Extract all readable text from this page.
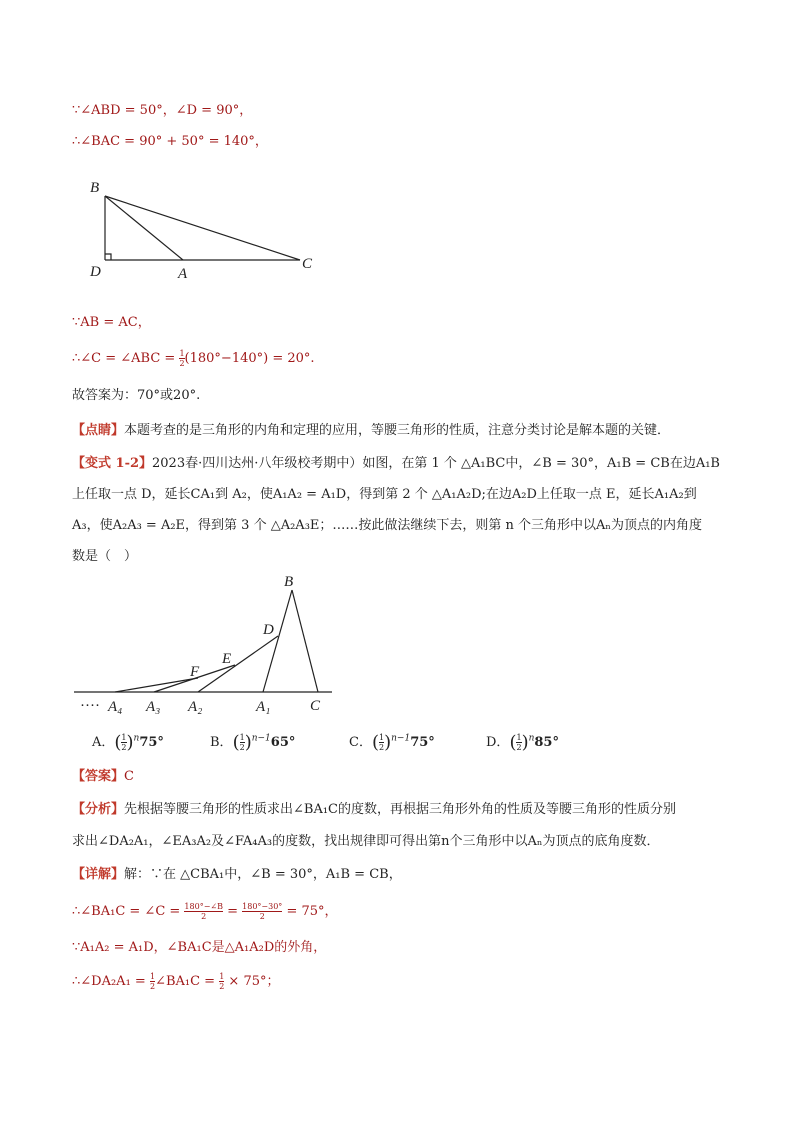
∵∠ABD = 50°，∠D = 90°，
∴∠BAC = 90° + 50° = 140°，
B
D	A
C
∵AB = AC，
∴∠C = ∠ABC = $\frac{1}{2} (180^\circ-140^\circ) = 20^\circ$.
故答案为：70°或20°.
【点睛】本题考查的是三角形的内角和定理的应用，等腰三角形的性质，注意分类讨论是解本题的关键．
【变式 1-2】2023春·四川达州·八年级校考期中）如图，在第 1 个 △A₁BC中，∠B = 30°，A₁B = CB在边A₁B
上任取一点 D，延长CA₁到 A₂，使A₁A₂ = A₁D，得到第 2 个 △A₁A₂D;在边A₂D上任取一点 E，延长A₁A₂到
A₃，使A₂A₃ = A₂E，得到第 3 个 △A₂A₃E；……按此做法继续下去，则第 n 个三角形中以Aₙ为顶点的内角度
数是（　）
B
D
E
F
C
A₁
A₂
A₃
A₄
····
A．( $\frac{1}{2} )^n75^\circ$	B．( $\frac{1}{2} )^{n-1}65^\circ$	C．( $\frac{1}{2} )^{n-1}75^\circ$	D．( $\frac{1}{2} )^n85^\circ$
【答案】C
【分析】先根据等腰三角形的性质求出∠BA₁C的度数，再根据三角形外角的性质及等腰三角形的性质分别
求出∠DA₂A₁，∠EA₃A₂及∠FA₄A₃的度数，找出规律即可得出第n个三角形中以Aₙ为顶点的底角度数．
【详解】解：∵在 △CBA₁中，∠B = 30°，A₁B = CB，
∴∠BA₁C = ∠C = $\frac{180^\circ-\angle B}{2} = \frac{180^\circ-30^\circ}{2} = 75^\circ$，
∵A₁A₂ = A₁D，∠BA₁C是△A₁A₂D的外角，
∴∠DA₂A₁ = $\frac{1}{2}$ ∠BA₁C = $\frac{1}{2} \times 75^\circ$；
